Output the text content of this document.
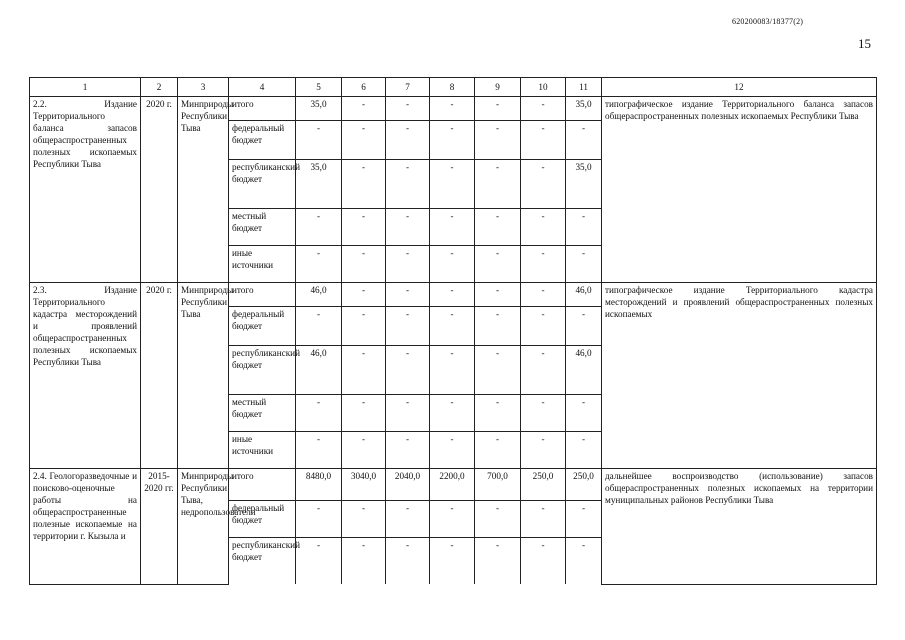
620200083/18377(2)
15
1	2	3	4	5	6	7	8	9	10	11	12
2.2. Издание Территориального баланса запасов общераспространенных полезных ископаемых Республики Тыва	2020 г.	Минприроды Республики Тыва	итого	35,0	-	-	-	-	-	35,0	типографическое издание Территориального баланса запасов общераспространенных полезных ископаемых Республики Тыва
			федеральный бюджет	-	-	-	-	-	-	-	
			республиканский бюджет	35,0	-	-	-	-	-	35,0	
			местный бюджет	-	-	-	-	-	-	-	
			иные источники	-	-	-	-	-	-	-	
2.3. Издание Территориального кадастра месторождений и проявлений общераспространенных полезных ископаемых Республики Тыва	2020 г.	Минприроды Республики Тыва	итого	46,0	-	-	-	-	-	46,0	типографическое издание Территориального кадастра месторождений и проявлений общераспространенных полезных ископаемых
			федеральный бюджет	-	-	-	-	-	-	-	
			республиканский бюджет	46,0	-	-	-	-	-	46,0	
			местный бюджет	-	-	-	-	-	-	-	
			иные источники	-	-	-	-	-	-	-	
2.4. Геологоразведочные и поисково-оценочные работы на общераспространенные полезные ископаемые на территории г. Кызыла и	2015-2020 гг.	Минприроды Республики Тыва, недропользователи	итого	8480,0	3040,0	2040,0	2200,0	700,0	250,0	250,0	дальнейшее воспроизводство (использование) запасов общераспространенных полезных ископаемых на территории муниципальных районов Республики Тыва
			федеральный бюджет	-	-	-	-	-	-	-	
			республиканский бюджет	-	-	-	-	-	-	-	
